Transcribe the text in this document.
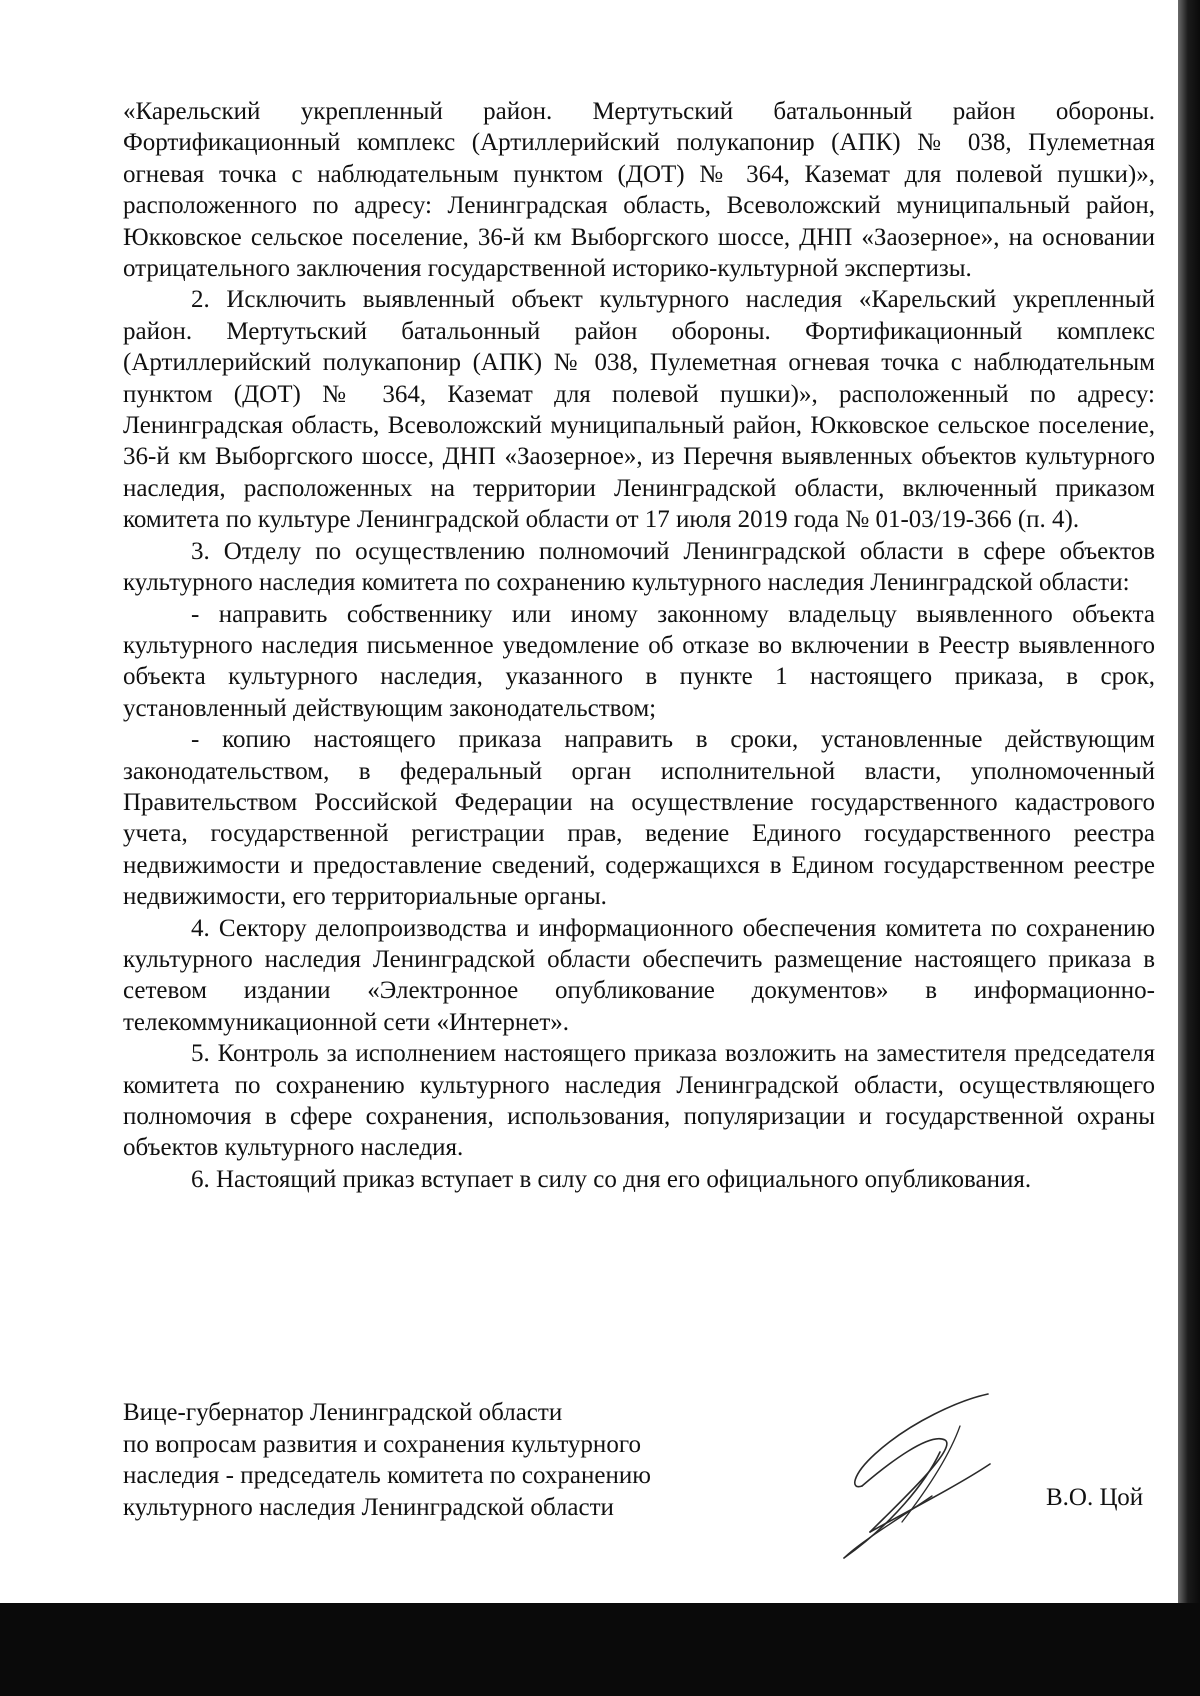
«Карельский укрепленный район. Мертутьский батальонный район обороны. Фортификационный комплекс (Артиллерийский полукапонир (АПК) № 038, Пулеметная огневая точка с наблюдательным пунктом (ДОТ) № 364, Каземат для полевой пушки)», расположенного по адресу: Ленинградская область, Всеволожский муниципальный район, Юкковское сельское поселение, 36-й км Выборгского шоссе, ДНП «Заозерное», на основании отрицательного заключения государственной историко-культурной экспертизы.

2. Исключить выявленный объект культурного наследия «Карельский укрепленный район. Мертутьский батальонный район обороны. Фортификационный комплекс (Артиллерийский полукапонир (АПК) № 038, Пулеметная огневая точка с наблюдательным пунктом (ДОТ) № 364, Каземат для полевой пушки)», расположенный по адресу: Ленинградская область, Всеволожский муниципальный район, Юкковское сельское поселение, 36-й км Выборгского шоссе, ДНП «Заозерное», из Перечня выявленных объектов культурного наследия, расположенных на территории Ленинградской области, включенный приказом комитета по культуре Ленинградской области от 17 июля 2019 года № 01-03/19-366 (п. 4).

3. Отделу по осуществлению полномочий Ленинградской области в сфере объектов культурного наследия комитета по сохранению культурного наследия Ленинградской области:

- направить собственнику или иному законному владельцу выявленного объекта культурного наследия письменное уведомление об отказе во включении в Реестр выявленного объекта культурного наследия, указанного в пункте 1 настоящего приказа, в срок, установленный действующим законодательством;

- копию настоящего приказа направить в сроки, установленные действующим законодательством, в федеральный орган исполнительной власти, уполномоченный Правительством Российской Федерации на осуществление государственного кадастрового учета, государственной регистрации прав, ведение Единого государственного реестра недвижимости и предоставление сведений, содержащихся в Едином государственном реестре недвижимости, его территориальные органы.

4. Сектору делопроизводства и информационного обеспечения комитета по сохранению культурного наследия Ленинградской области обеспечить размещение настоящего приказа в сетевом издании «Электронное опубликование документов» в информационно-телекоммуникационной сети «Интернет».

5. Контроль за исполнением настоящего приказа возложить на заместителя председателя комитета по сохранению культурного наследия Ленинградской области, осуществляющего полномочия в сфере сохранения, использования, популяризации и государственной охраны объектов культурного наследия.

6. Настоящий приказ вступает в силу со дня его официального опубликования.

Вице-губернатор Ленинградской области
по вопросам развития и сохранения культурного
наследия - председатель комитета по сохранению
культурного наследия Ленинградской области	В.О. Цой
